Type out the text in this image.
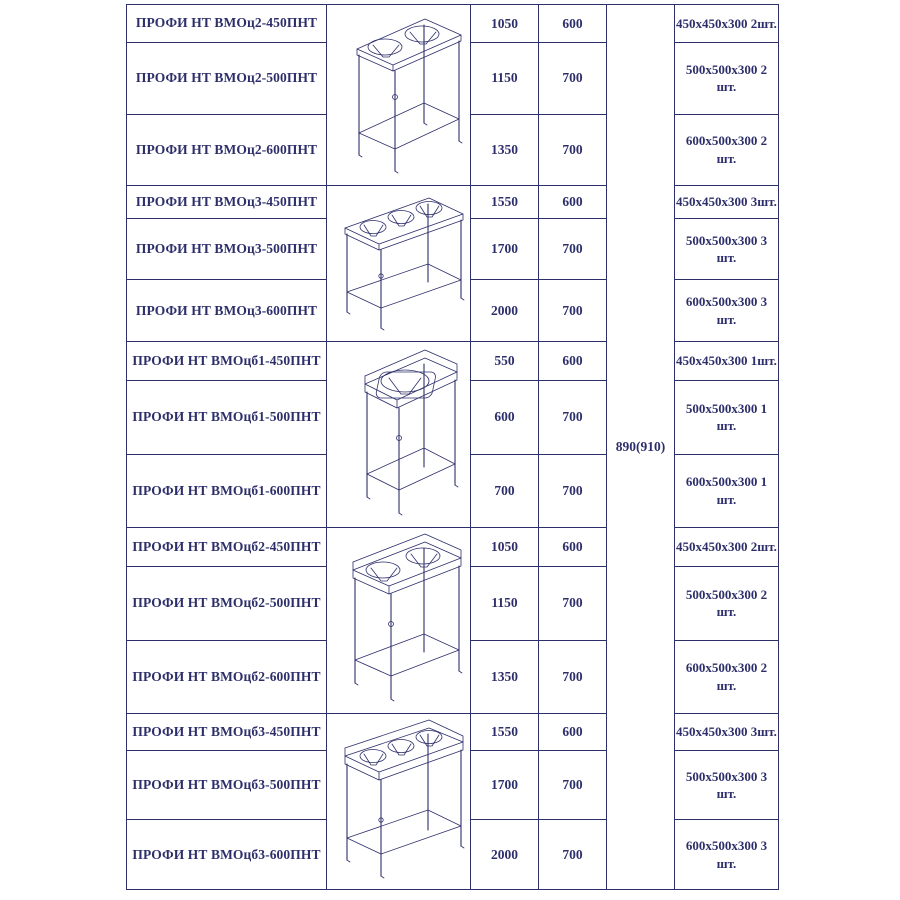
ПРОФИ НТ ВМОц2-450ПНТ		1050	600	890(910)	450х450х300 2шт.
ПРОФИ НТ ВМОц2-500ПНТ		1150	700		500х500х300 2 шт.
ПРОФИ НТ ВМОц2-600ПНТ		1350	700		600х500х300 2 шт.
ПРОФИ НТ ВМОц3-450ПНТ		1550	600		450х450х300 3шт.
ПРОФИ НТ ВМОц3-500ПНТ		1700	700		500х500х300 3 шт.
ПРОФИ НТ ВМОц3-600ПНТ		2000	700		600х500х300 3 шт.
ПРОФИ НТ ВМОцб1-450ПНТ		550	600		450х450х300 1шт.
ПРОФИ НТ ВМОцб1-500ПНТ		600	700		500х500х300 1 шт.
ПРОФИ НТ ВМОцб1-600ПНТ		700	700		600х500х300 1 шт.
ПРОФИ НТ ВМОцб2-450ПНТ		1050	600		450х450х300 2шт.
ПРОФИ НТ ВМОцб2-500ПНТ		1150	700		500х500х300 2 шт.
ПРОФИ НТ ВМОцб2-600ПНТ		1350	700		600х500х300 2 шт.
ПРОФИ НТ ВМОцб3-450ПНТ		1550	600		450х450х300 3шт.
ПРОФИ НТ ВМОцб3-500ПНТ		1700	700		500х500х300 3 шт.
ПРОФИ НТ ВМОцб3-600ПНТ		2000	700		600х500х300 3 шт.
